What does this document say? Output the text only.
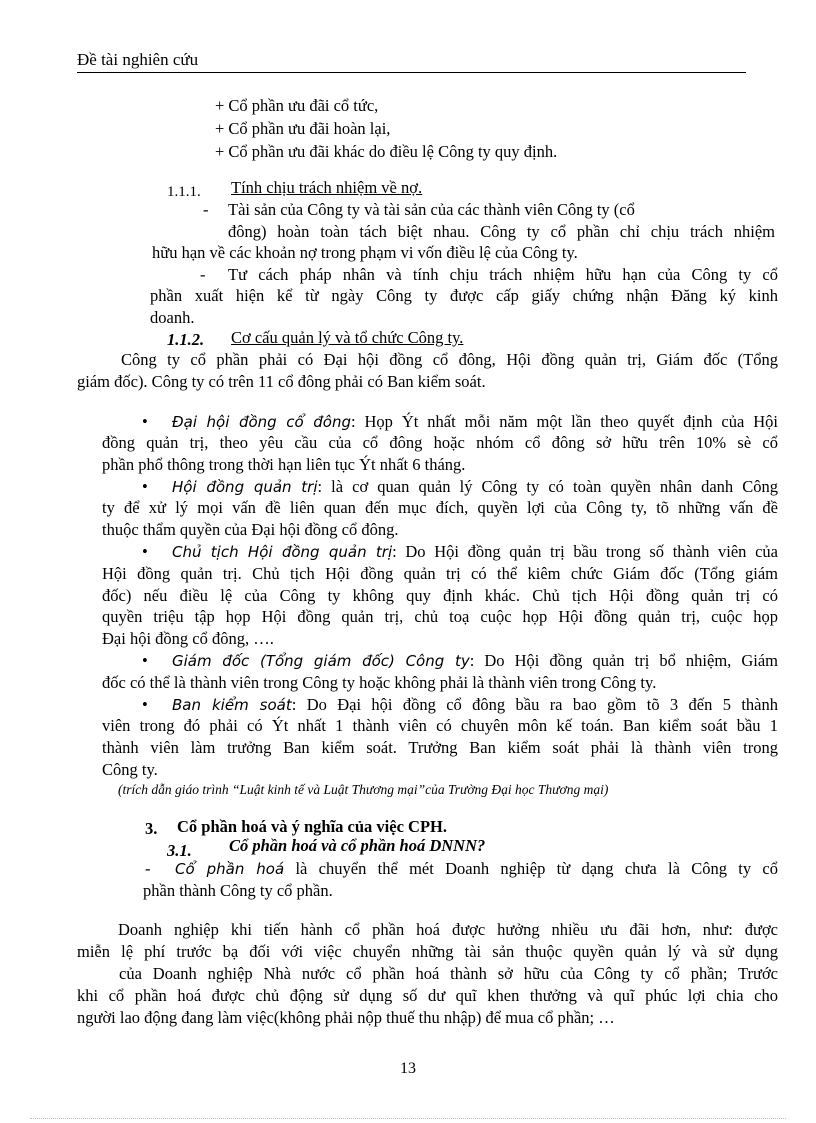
Đề tài nghiên cứu
+ Cổ phần ưu đãi cổ tức,
+ Cổ phần ưu đãi hoàn lại,
+ Cổ phần ưu đãi khác do điều lệ Công ty quy định.
1.1.1. Tính chịu trách nhiệm về nợ.
- Tài sản của Công ty và tài sản của các thành viên Công ty (cổ
đông) hoàn toàn tách biệt nhau. Công ty cổ phần chỉ chịu trách nhiệm
hữu hạn về các khoản nợ trong phạm vi vốn điều lệ của Công ty.
- Tư cách pháp nhân và tính chịu trách nhiệm hữu hạn của Công ty cổ
phần xuất hiện kể từ ngày Công ty được cấp giấy chứng nhận Đăng ký kinh
doanh.
1.1.2. Cơ cấu quản lý và tổ chức Công ty.
Công ty cổ phần phải có Đại hội đồng cổ đông, Hội đồng quản trị, Giám đốc (Tổng
giám đốc). Công ty có trên 11 cổ đông phải có Ban kiểm soát.
• Đại hội đồng cổ đông: Họp Ýt nhất mỗi năm một lần theo quyết định của Hội
đồng quản trị, theo yêu cầu của cổ đông hoặc nhóm cổ đông sở hữu trên 10% sè cổ
phần phổ thông trong thời hạn liên tục Ýt nhất 6 tháng.
• Hội đồng quản trị: là cơ quan quản lý Công ty có toàn quyền nhân danh Công
ty để xử lý mọi vấn đề liên quan đến mục đích, quyền lợi của Công ty, tõ những vấn đề
thuộc thẩm quyền của Đại hội đồng cổ đông.
• Chủ tịch Hội đồng quản trị: Do Hội đồng quản trị bầu trong số thành viên của
Hội đồng quản trị. Chủ tịch Hội đồng quản trị có thể kiêm chức Giám đốc (Tổng giám
đốc) nếu điều lệ của Công ty không quy định khác. Chủ tịch Hội đồng quản trị có
quyền triệu tập họp Hội đồng quản trị, chủ toạ cuộc họp Hội đồng quản trị, cuộc họp
Đại hội đồng cổ đông, ….
• Giám đốc (Tổng giám đốc) Công ty: Do Hội đồng quản trị bổ nhiệm, Giám
đốc có thể là thành viên trong Công ty hoặc không phải là thành viên trong Công ty.
• Ban kiểm soát: Do Đại hội đồng cổ đông bầu ra bao gồm tõ 3 đến 5 thành
viên trong đó phải có Ýt nhất 1 thành viên có chuyên môn kế toán. Ban kiểm soát bầu 1
thành viên làm trưởng Ban kiểm soát. Trưởng Ban kiểm soát phải là thành viên trong
Công ty.
(trích dẫn giáo trình “Luật kinh tế và Luật Thương mại”của Trường Đại học Thương mại)
3. Cổ phần hoá và ý nghĩa của việc CPH.
3.1. Cổ phần hoá và cổ phần hoá DNNN?
- Cổ phần hoá là chuyển thể mét Doanh nghiệp từ dạng chưa là Công ty cổ
phần thành Công ty cổ phần.
Doanh nghiệp khi tiến hành cổ phần hoá được hưởng nhiều ưu đãi hơn, như: được
miễn lệ phí trước bạ đối với việc chuyển những tài sản thuộc quyền quản lý và sử dụng
của Doanh nghiệp Nhà nước cổ phần hoá thành sở hữu của Công ty cổ phần; Trước
khi cổ phần hoá được chủ động sử dụng số dư quĩ khen thưởng và quĩ phúc lợi chia cho
người lao động đang làm việc(không phải nộp thuế thu nhập) để mua cổ phần; …
13
